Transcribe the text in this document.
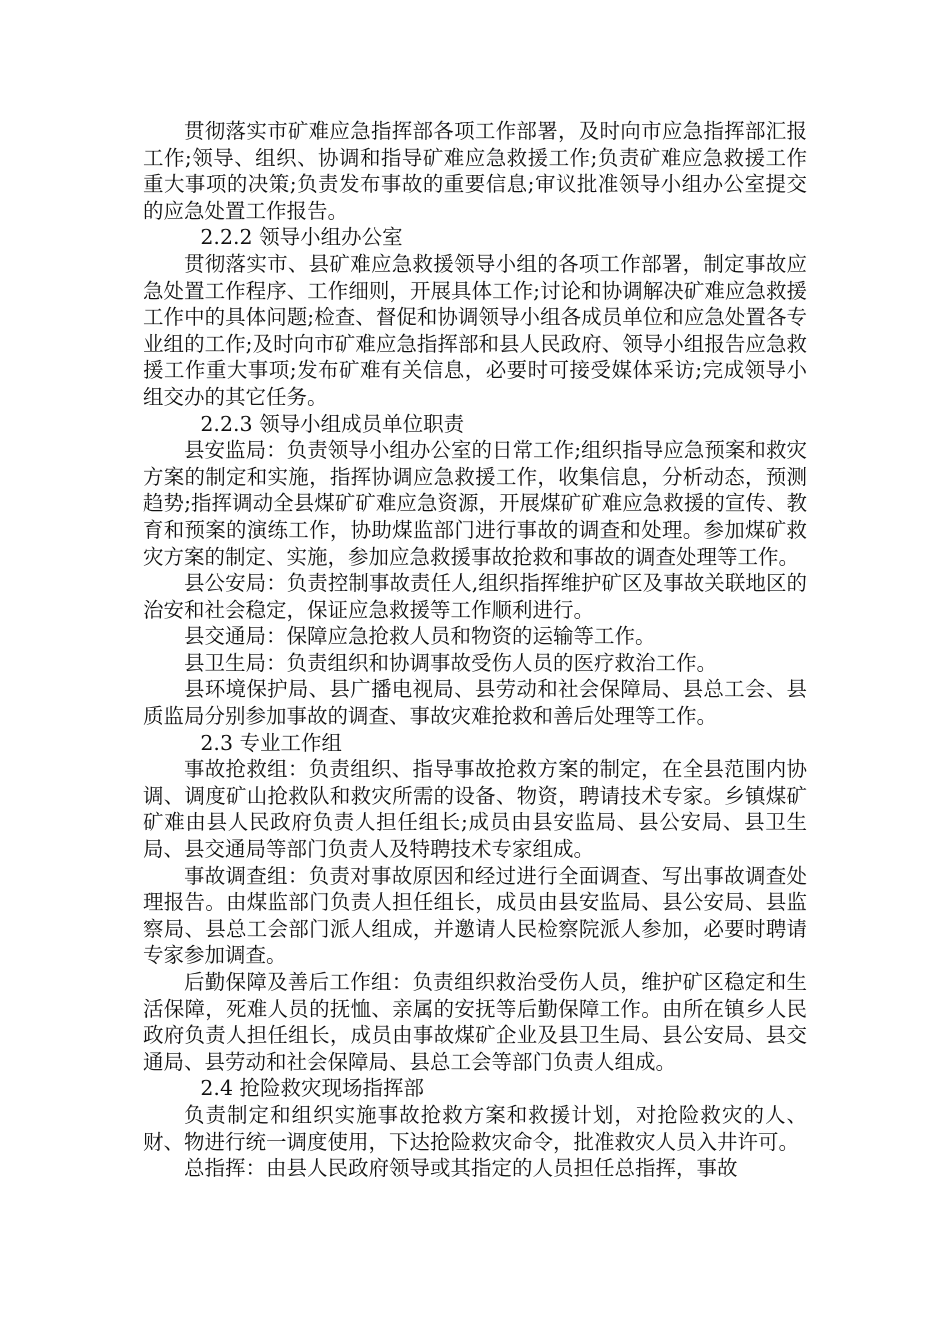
贯彻落实市矿难应急指挥部各项工作部署，及时向市应急指挥部汇报工作;领导、组织、协调和指导矿难应急救援工作;负责矿难应急救援工作重大事项的决策;负责发布事故的重要信息;审议批准领导小组办公室提交的应急处置工作报告。

2.2.2 领导小组办公室

贯彻落实市、县矿难应急救援领导小组的各项工作部署，制定事故应急处置工作程序、工作细则，开展具体工作;讨论和协调解决矿难应急救援工作中的具体问题;检查、督促和协调领导小组各成员单位和应急处置各专业组的工作;及时向市矿难应急指挥部和县人民政府、领导小组报告应急救援工作重大事项;发布矿难有关信息，必要时可接受媒体采访;完成领导小组交办的其它任务。

2.2.3 领导小组成员单位职责

县安监局：负责领导小组办公室的日常工作;组织指导应急预案和救灾方案的制定和实施，指挥协调应急救援工作，收集信息，分析动态，预测趋势;指挥调动全县煤矿矿难应急资源，开展煤矿矿难应急救援的宣传、教育和预案的演练工作，协助煤监部门进行事故的调查和处理。参加煤矿救灾方案的制定、实施，参加应急救援事故抢救和事故的调查处理等工作。

县公安局：负责控制事故责任人,组织指挥维护矿区及事故关联地区的治安和社会稳定，保证应急救援等工作顺利进行。

县交通局：保障应急抢救人员和物资的运输等工作。

县卫生局：负责组织和协调事故受伤人员的医疗救治工作。

县环境保护局、县广播电视局、县劳动和社会保障局、县总工会、县质监局分别参加事故的调查、事故灾难抢救和善后处理等工作。

2.3 专业工作组

事故抢救组：负责组织、指导事故抢救方案的制定，在全县范围内协调、调度矿山抢救队和救灾所需的设备、物资，聘请技术专家。乡镇煤矿矿难由县人民政府负责人担任组长;成员由县安监局、县公安局、县卫生局、县交通局等部门负责人及特聘技术专家组成。

事故调查组：负责对事故原因和经过进行全面调查、写出事故调查处理报告。由煤监部门负责人担任组长，成员由县安监局、县公安局、县监察局、县总工会部门派人组成，并邀请人民检察院派人参加，必要时聘请专家参加调查。

后勤保障及善后工作组：负责组织救治受伤人员，维护矿区稳定和生活保障，死难人员的抚恤、亲属的安抚等后勤保障工作。由所在镇乡人民政府负责人担任组长，成员由事故煤矿企业及县卫生局、县公安局、县交通局、县劳动和社会保障局、县总工会等部门负责人组成。

2.4 抢险救灾现场指挥部

负责制定和组织实施事故抢救方案和救援计划，对抢险救灾的人、财、物进行统一调度使用，下达抢险救灾命令，批准救灾人员入井许可。

总指挥：由县人民政府领导或其指定的人员担任总指挥，事故
